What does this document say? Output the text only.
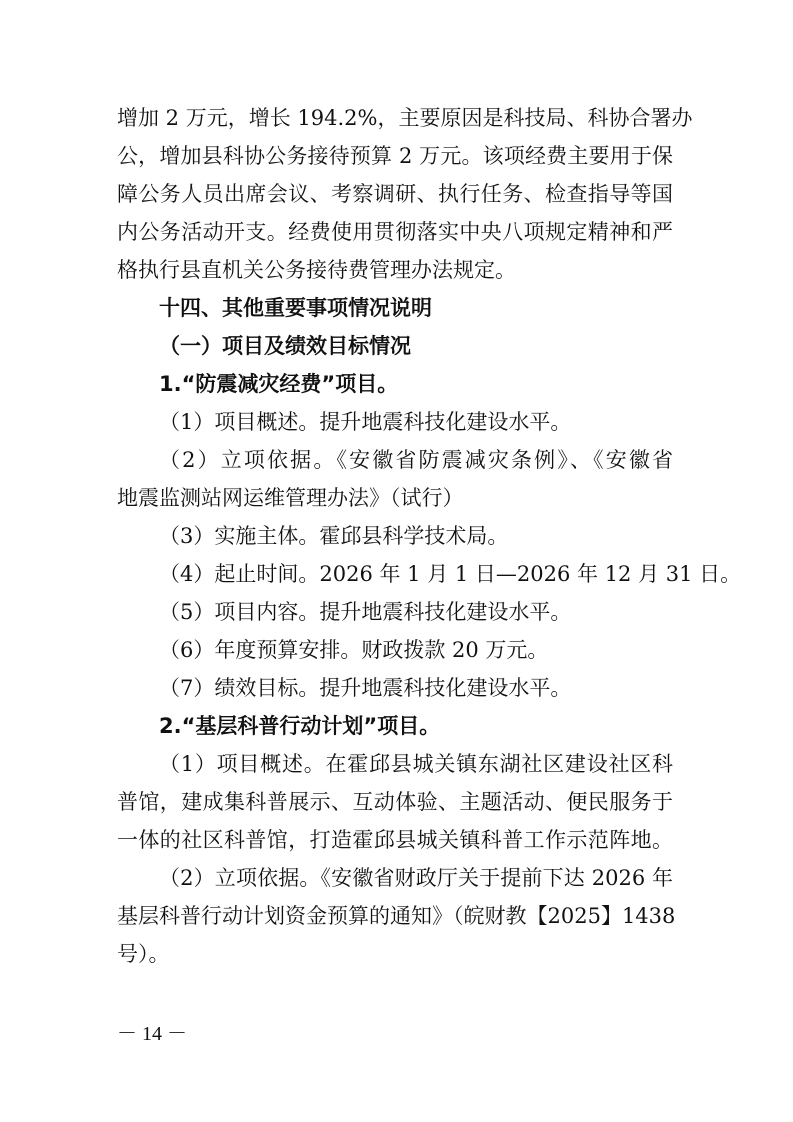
增加 2 万元，增长 194.2%，主要原因是科技局、科协合署办
公，增加县科协公务接待预算 2 万元。该项经费主要用于保
障公务人员出席会议、考察调研、执行任务、检查指导等国
内公务活动开支。经费使用贯彻落实中央八项规定精神和严
格执行县直机关公务接待费管理办法规定。
十四、其他重要事项情况说明
（一）项目及绩效目标情况
1.“防震减灾经费”项目。
（1）项目概述。提升地震科技化建设水平。
（2）立项依据。《安徽省防震减灾条例》、《安徽省
地震监测站网运维管理办法》（试行）
（3）实施主体。霍邱县科学技术局。
（4）起止时间。2026 年 1 月 1 日—2026 年 12 月 31 日。
（5）项目内容。提升地震科技化建设水平。
（6）年度预算安排。财政拨款 20 万元。
（7）绩效目标。提升地震科技化建设水平。
2.“基层科普行动计划”项目。
（1）项目概述。在霍邱县城关镇东湖社区建设社区科
普馆，建成集科普展示、互动体验、主题活动、便民服务于
一体的社区科普馆，打造霍邱县城关镇科普工作示范阵地。
（2）立项依据。《安徽省财政厅关于提前下达 2026 年
基层科普行动计划资金预算的通知》（皖财教【2025】1438
号）。
－ 14 －
